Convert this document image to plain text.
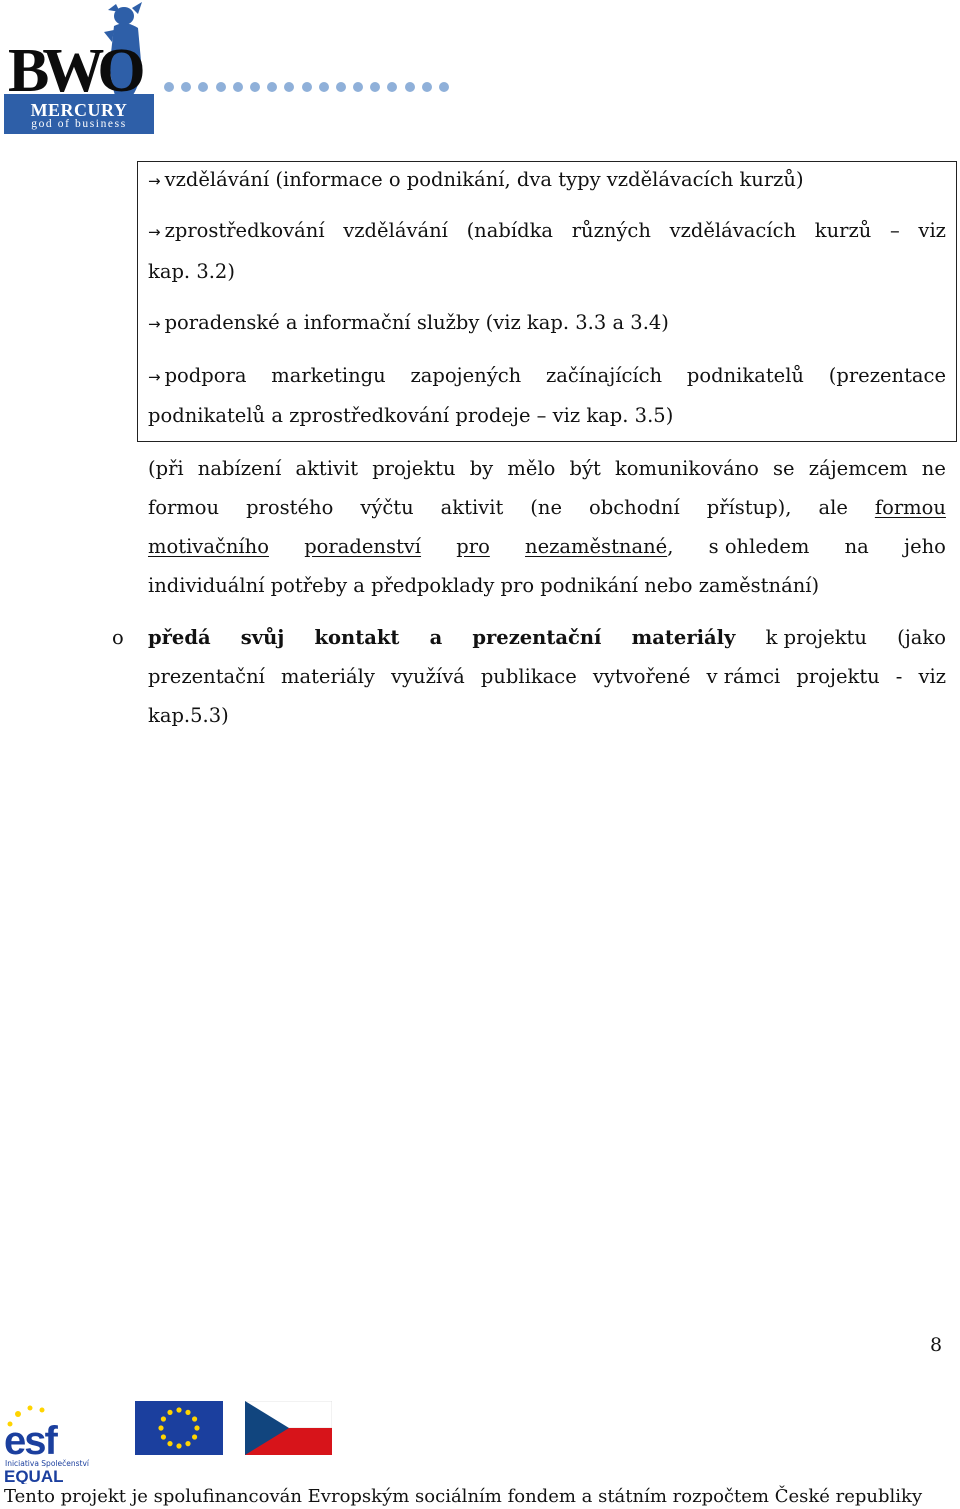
BWO
MERCURY
god of business
→ vzdělávání (informace o podnikání, dva typy vzdělávacích kurzů)
→ zprostředkování vzdělávání (nabídka různých vzdělávacích kurzů – viz
kap. 3.2)
→ poradenské a informační služby (viz kap. 3.3 a 3.4)
→ podpora marketingu zapojených začínajících podnikatelů (prezentace
podnikatelů a zprostředkování prodeje – viz kap. 3.5)
(při nabízení aktivit projektu by mělo být komunikováno se zájemcem ne
formou prostého výčtu aktivit (ne obchodní přístup), ale formou
motivačního poradenství pro nezaměstnané, s ohledem na jeho
individuální potřeby a předpoklady pro podnikání nebo zaměstnání)
o předá svůj kontakt a prezentační materiály k projektu (jako
prezentační materiály využívá publikace vytvořené v rámci projektu - viz
kap.5.3)
8
esf
Iniciativa Společenství
EQUAL
Tento projekt je spolufinancován Evropským sociálním fondem a státním rozpočtem České republiky
